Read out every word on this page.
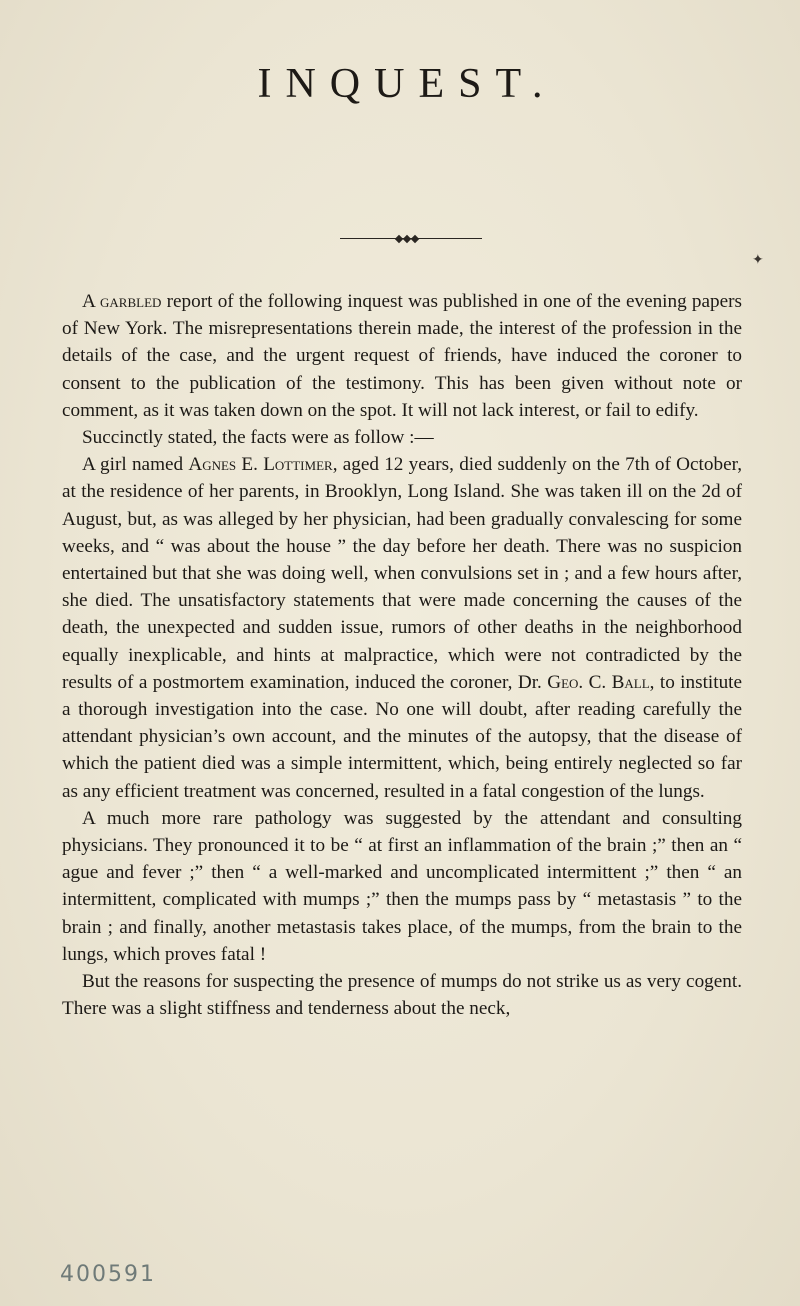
INQUEST.
✦

A garbled report of the following inquest was published in one of the evening papers of New York. The misrepresentations therein made, the interest of the profession in the details of the case, and the urgent request of friends, have induced the coroner to consent to the publication of the testimony. This has been given without note or comment, as it was taken down on the spot. It will not lack interest, or fail to edify.

Succinctly stated, the facts were as follow :—

A girl named Agnes E. Lottimer, aged 12 years, died suddenly on the 7th of October, at the residence of her parents, in Brooklyn, Long Island. She was taken ill on the 2d of August, but, as was alleged by her physician, had been gradually convalescing for some weeks, and “ was about the house ” the day before her death. There was no suspicion entertained but that she was doing well, when convulsions set in ; and a few hours after, she died. The unsatisfactory statements that were made concerning the causes of the death, the unexpected and sudden issue, rumors of other deaths in the neighborhood equally inexplicable, and hints at malpractice, which were not contradicted by the results of a postmortem examination, induced the coroner, Dr. Geo. C. Ball, to institute a thorough investigation into the case. No one will doubt, after reading carefully the attendant physician’s own account, and the minutes of the autopsy, that the disease of which the patient died was a simple intermittent, which, being entirely neglected so far as any efficient treatment was concerned, resulted in a fatal congestion of the lungs.

A much more rare pathology was suggested by the attendant and consulting physicians. They pronounced it to be “ at first an inflammation of the brain ;” then an “ ague and fever ;” then “ a well-marked and uncomplicated intermittent ;” then “ an intermittent, complicated with mumps ;” then the mumps pass by “ metastasis ” to the brain ; and finally, another metastasis takes place, of the mumps, from the brain to the lungs, which proves fatal !

But the reasons for suspecting the presence of mumps do not strike us as very cogent. There was a slight stiffness and tenderness about the neck,

400591
